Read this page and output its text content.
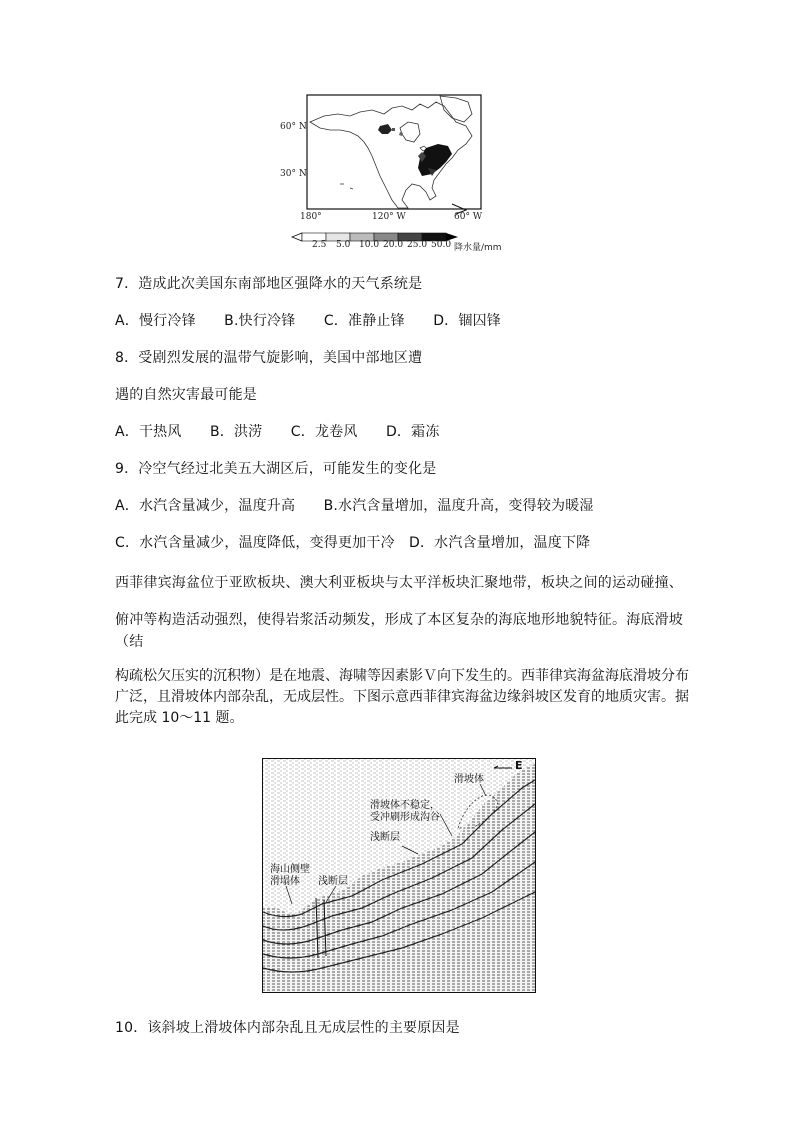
60° N
30° N
180°	120° W	60° W
2.5 5.0 10.0 20.0 25.0 50.0 降水量/mm
7．造成此次美国东南部地区强降水的天气系统是
A．慢行冷锋　　B.快行冷锋　　C．准静止锋　　D．锢囚锋
8．受剧烈发展的温带气旋影响，美国中部地区遭
遇的自然灾害最可能是
A．干热风　　B．洪涝　　C．龙卷风　　D．霜冻
9．冷空气经过北美五大湖区后，可能发生的变化是
A．水汽含量减少，温度升高　　B.水汽含量增加，温度升高，变得较为暖湿
C．水汽含量减少，温度降低，变得更加干冷　D．水汽含量增加，温度下降
西菲律宾海盆位于亚欧板块、澳大利亚板块与太平洋板块汇聚地带，板块之间的运动碰撞、
俯冲等构造活动强烈，使得岩浆活动频发，形成了本区复杂的海底地形地貌特征。海底滑坡
（结
构疏松欠压实的沉积物）是在地震、海啸等因素影Ｖ向下发生的。西菲律宾海盆海底滑坡分布广泛，且滑坡体内部杂乱，无成层性。下图示意西菲律宾海盆边缘斜坡区发育的地质灾害。据此完成 10～11 题。
E
滑坡体
滑坡体不稳定，
受冲刷形成沟谷
浅断层
海山侧壁
滑塌体 浅断层
10．该斜坡上滑坡体内部杂乱且无成层性的主要原因是
